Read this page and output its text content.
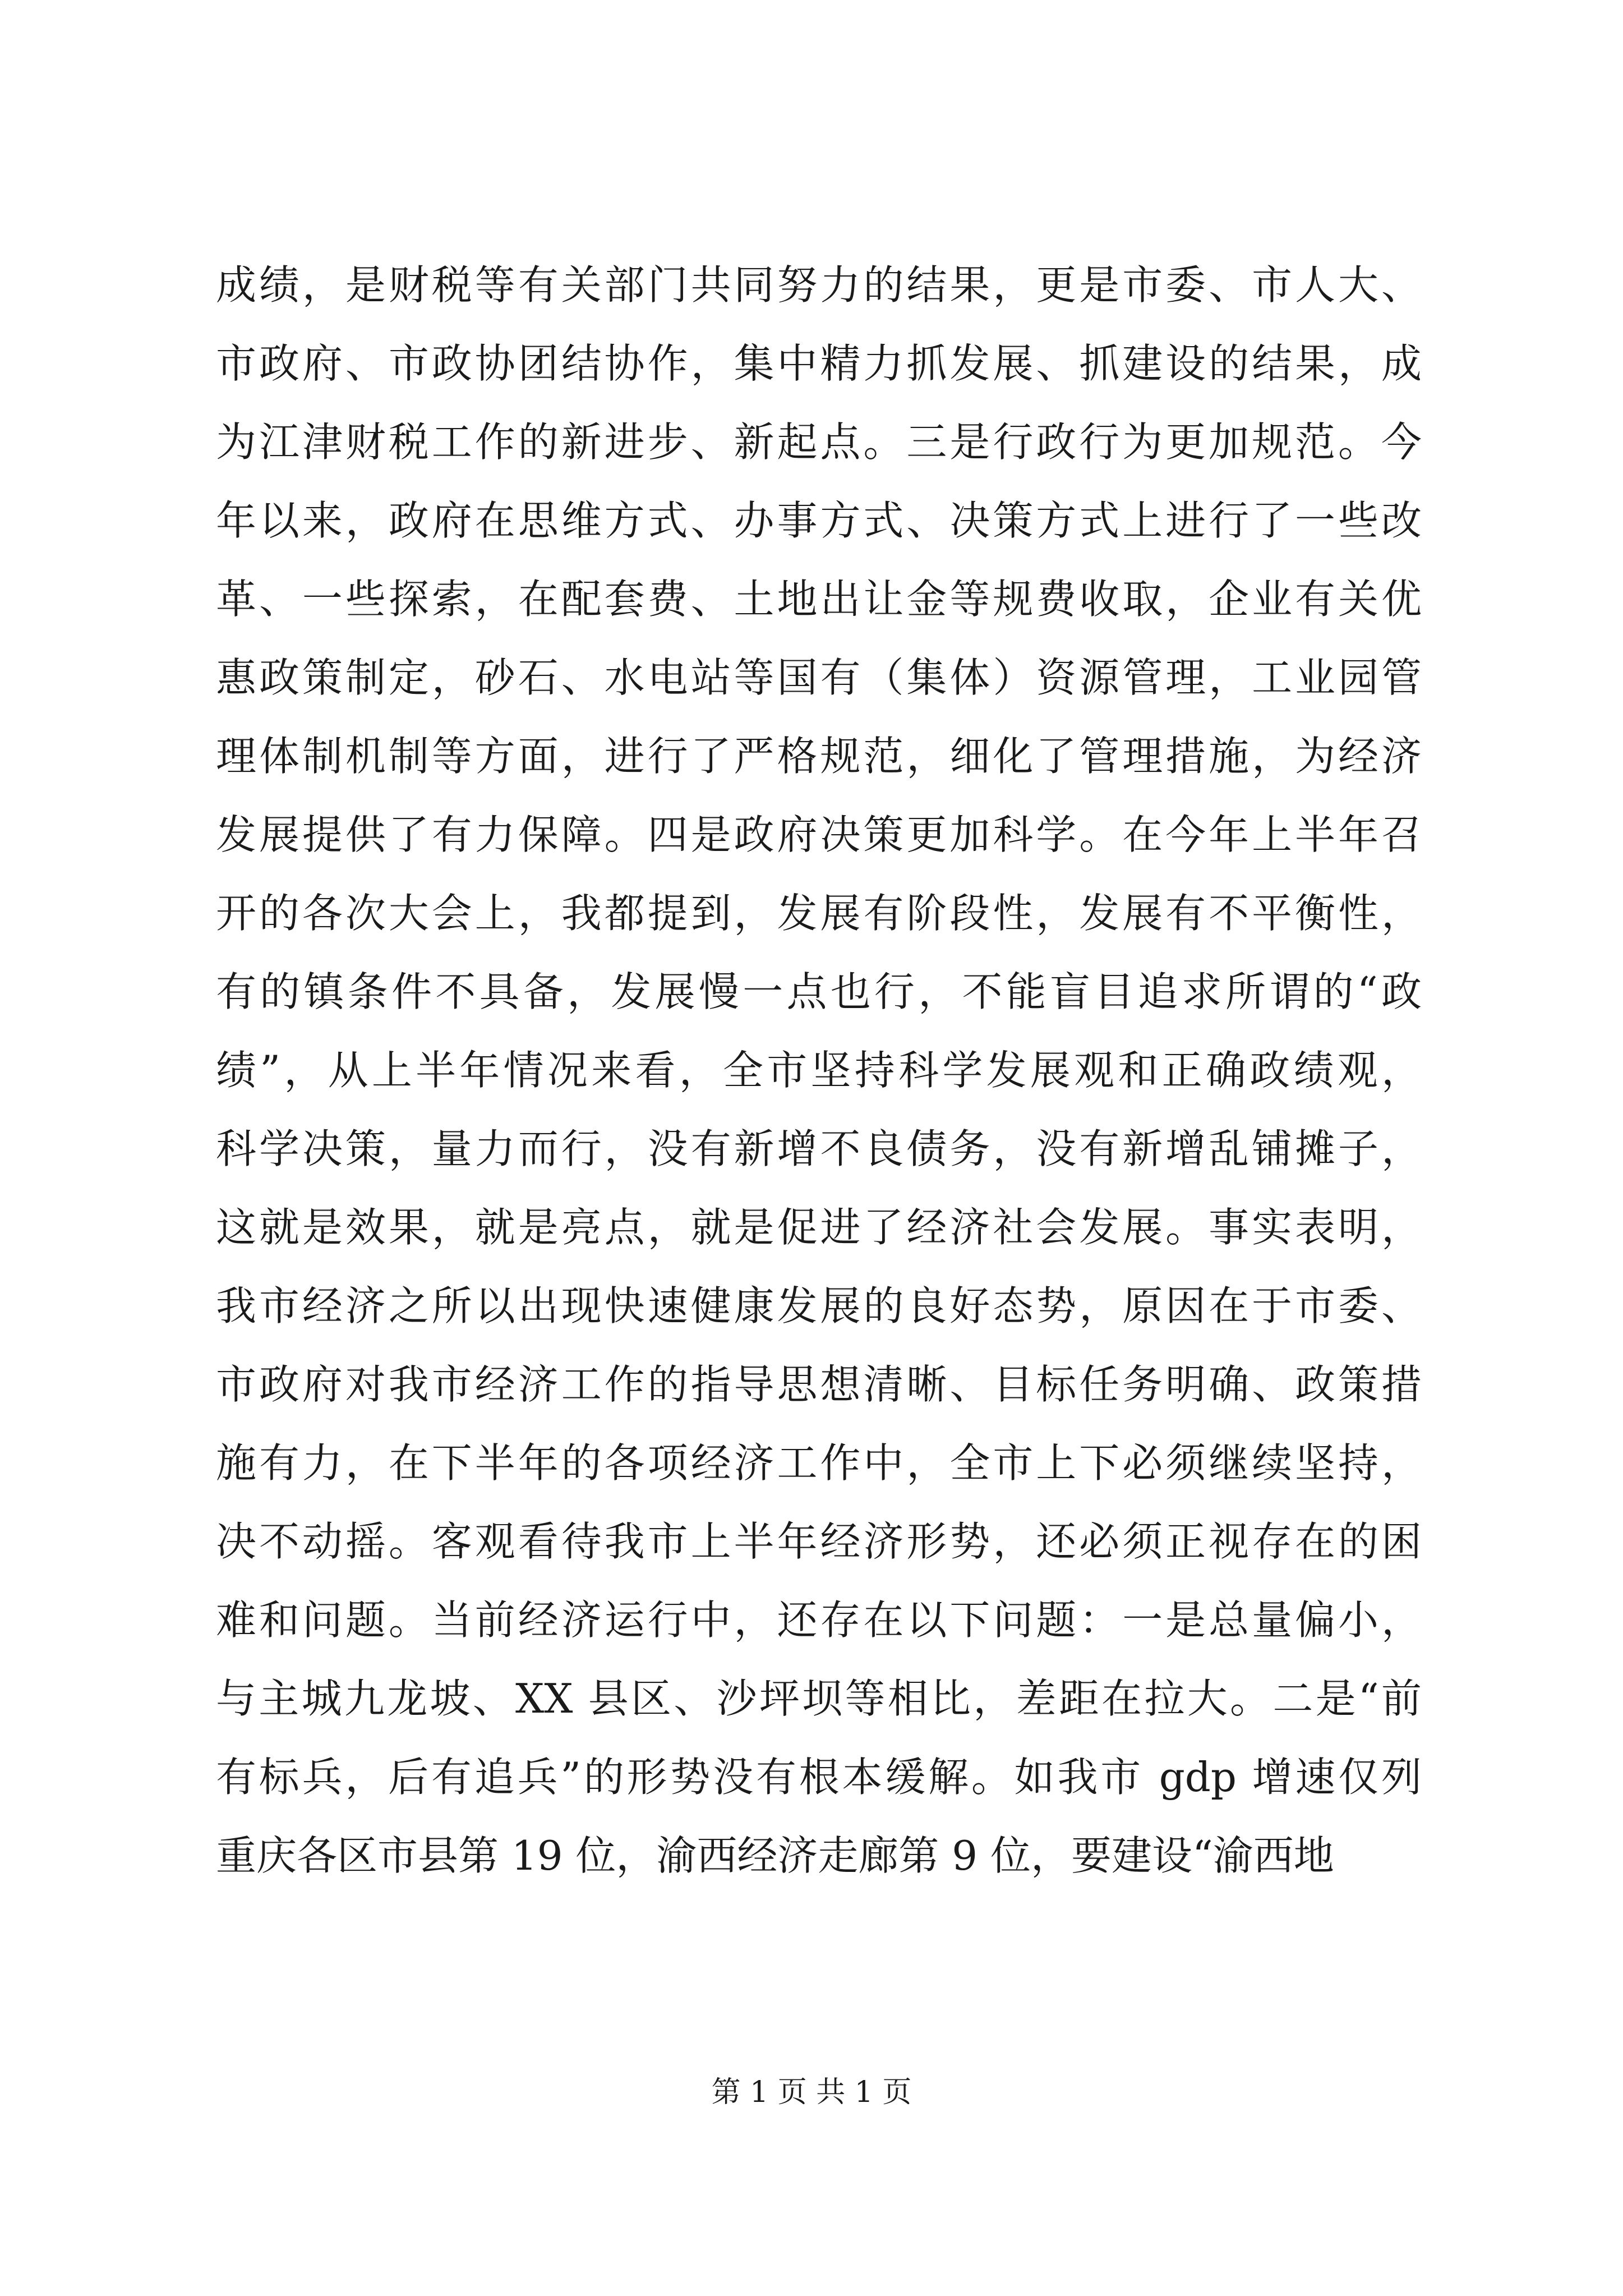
成绩，是财税等有关部门共同努力的结果，更是市委、市人大、
市政府、市政协团结协作，集中精力抓发展、抓建设的结果，成
为江津财税工作的新进步、新起点。三是行政行为更加规范。今
年以来，政府在思维方式、办事方式、决策方式上进行了一些改
革、一些探索，在配套费、土地出让金等规费收取，企业有关优
惠政策制定，砂石、水电站等国有（集体）资源管理，工业园管
理体制机制等方面，进行了严格规范，细化了管理措施，为经济
发展提供了有力保障。四是政府决策更加科学。在今年上半年召
开的各次大会上，我都提到，发展有阶段性，发展有不平衡性，
有的镇条件不具备，发展慢一点也行，不能盲目追求所谓的“政
绩”，从上半年情况来看，全市坚持科学发展观和正确政绩观，
科学决策，量力而行，没有新增不良债务，没有新增乱铺摊子，
这就是效果，就是亮点，就是促进了经济社会发展。事实表明，
我市经济之所以出现快速健康发展的良好态势，原因在于市委、
市政府对我市经济工作的指导思想清晰、目标任务明确、政策措
施有力，在下半年的各项经济工作中，全市上下必须继续坚持，
决不动摇。客观看待我市上半年经济形势，还必须正视存在的困
难和问题。当前经济运行中，还存在以下问题：一是总量偏小，
与主城九龙坡、XX 县区、沙坪坝等相比，差距在拉大。二是“前
有标兵，后有追兵”的形势没有根本缓解。如我市 gdp 增速仅列
重庆各区市县第 19 位，渝西经济走廊第 9 位，要建设“渝西地
第 1 页 共 1 页
